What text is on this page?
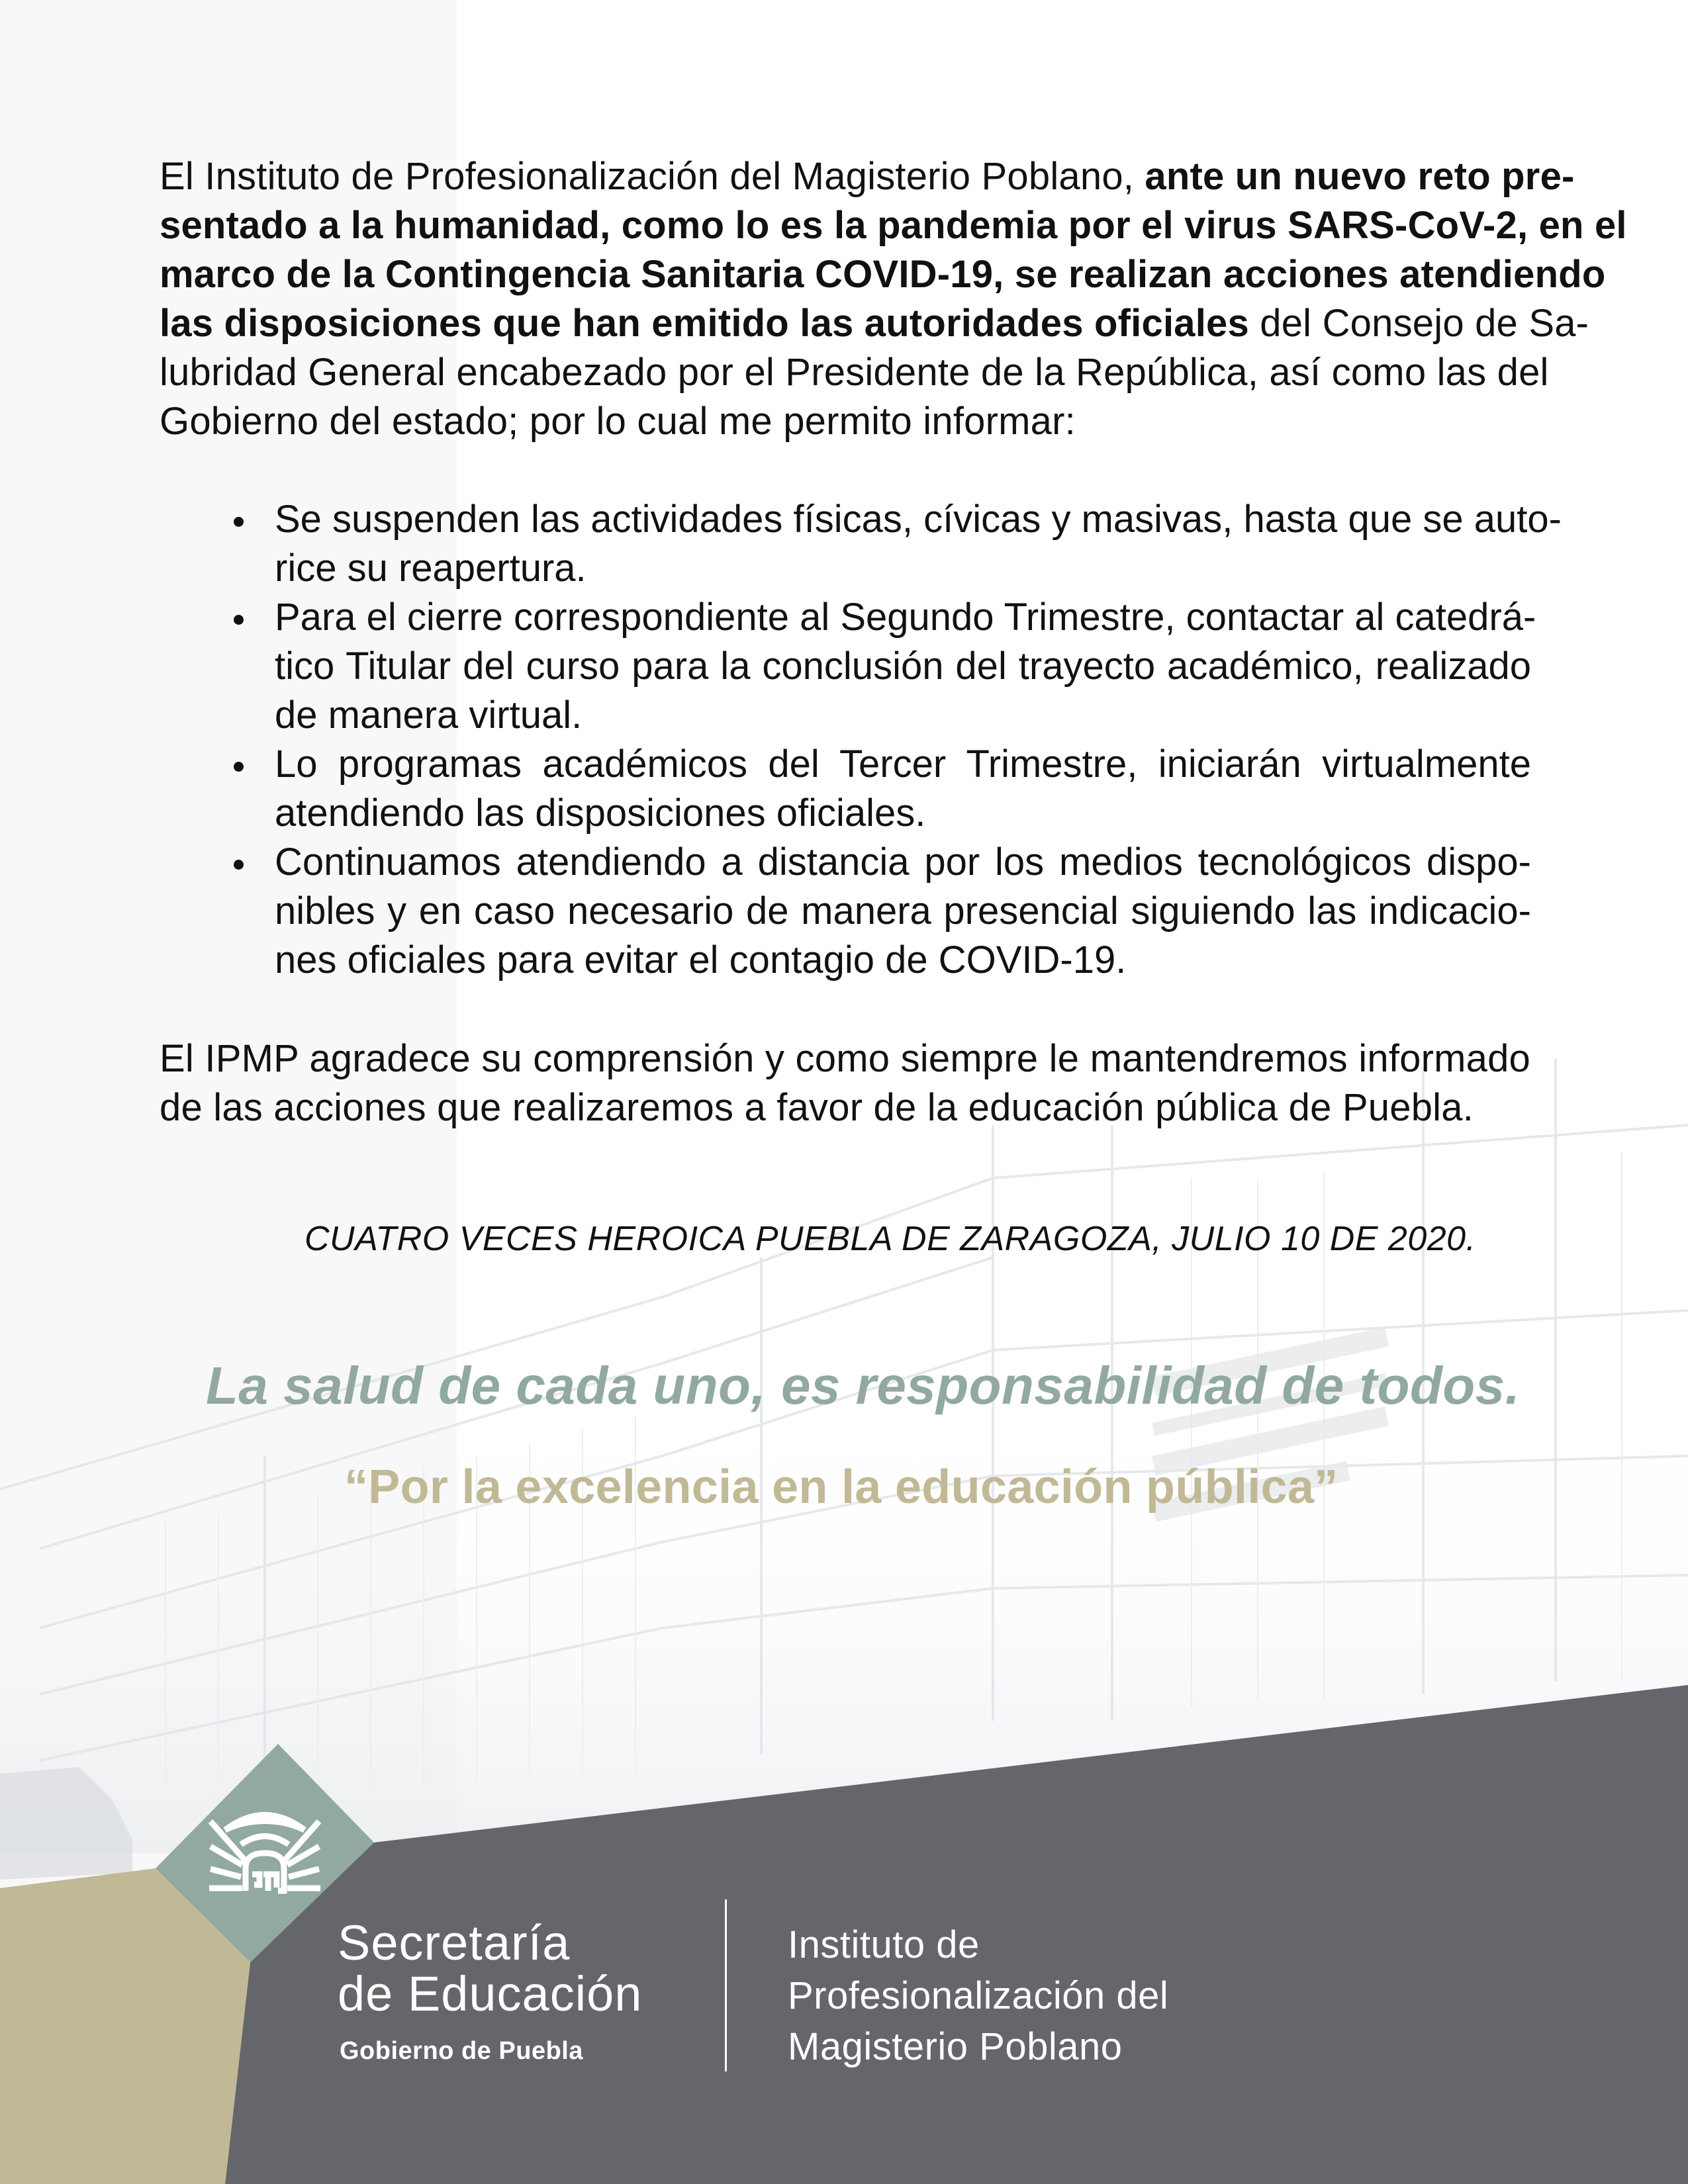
El Instituto de Profesionalización del Magisterio Poblano, ante un nuevo reto pre-
sentado a la humanidad, como lo es la pandemia por el virus SARS-CoV-2, en el
marco de la Contingencia Sanitaria COVID-19, se realizan acciones atendiendo
las disposiciones que han emitido las autoridades oficiales del Consejo de Sa-
lubridad General encabezado por el Presidente de la República, así como las del
Gobierno del estado; por lo cual me permito informar:
Se suspenden las actividades físicas, cívicas y masivas, hasta que se auto-
rice su reapertura.
Para el cierre correspondiente al Segundo Trimestre, contactar al catedrá-
tico Titular del curso para la conclusión del trayecto académico, realizado
de manera virtual.
Lo programas académicos del Tercer Trimestre, iniciarán virtualmente
atendiendo las disposiciones oficiales.
Continuamos atendiendo a distancia por los medios tecnológicos dispo-
nibles y en caso necesario de manera presencial siguiendo las indicacio-
nes oficiales para evitar el contagio de COVID-19.
El IPMP agradece su comprensión y como siempre le mantendremos informado
de las acciones que realizaremos a favor de la educación pública de Puebla.
CUATRO VECES HEROICA PUEBLA DE ZARAGOZA, JULIO 10 DE 2020.
La salud de cada uno, es responsabilidad de todos.
“Por la excelencia en la educación pública”
Secretaría
de Educación
Gobierno de Puebla
Instituto de
Profesionalización del
Magisterio Poblano
